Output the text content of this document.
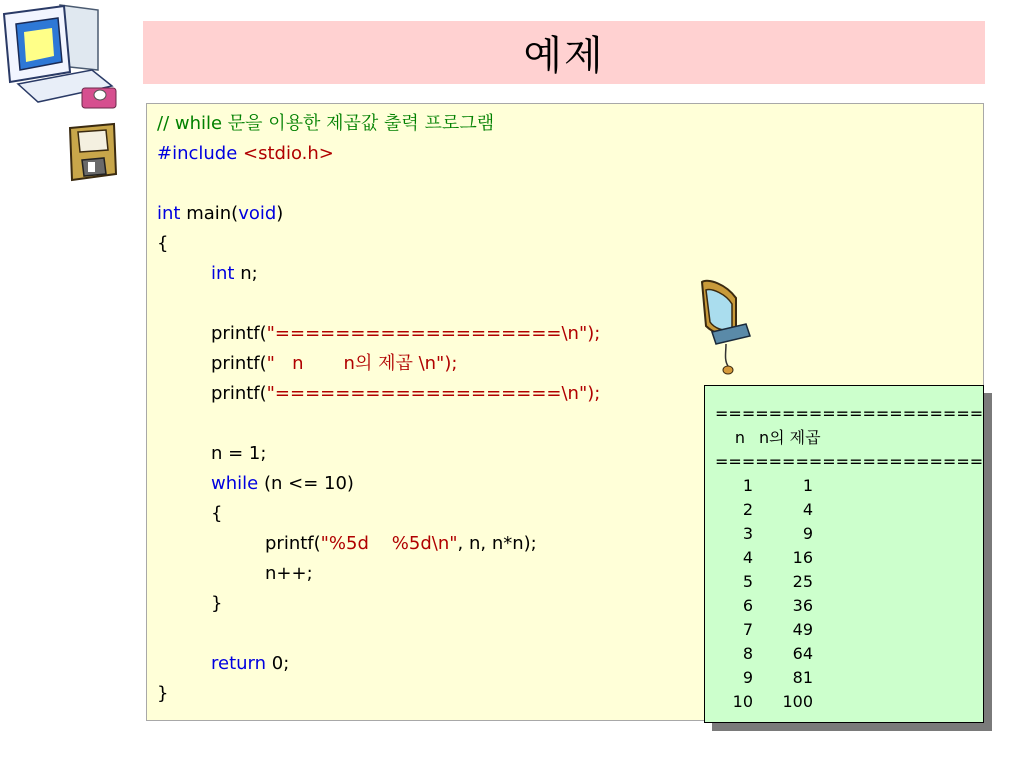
예제
// while 문을 이용한 제곱값 출력 프로그램
#include <stdio.h>
int main(void)
{
int n;
printf("===================\n");
printf("   n       n의 제곱 \n");
printf("===================\n");
n = 1;
while (n <= 10)
{
printf("%5d    %5d\n", n, n*n);
n++;
}
return 0;
}
====================
n n의 제곱
====================
1	1
2	4
3	9
4 16
5 25
6 36
7 49
8 64
9 81
10 100
